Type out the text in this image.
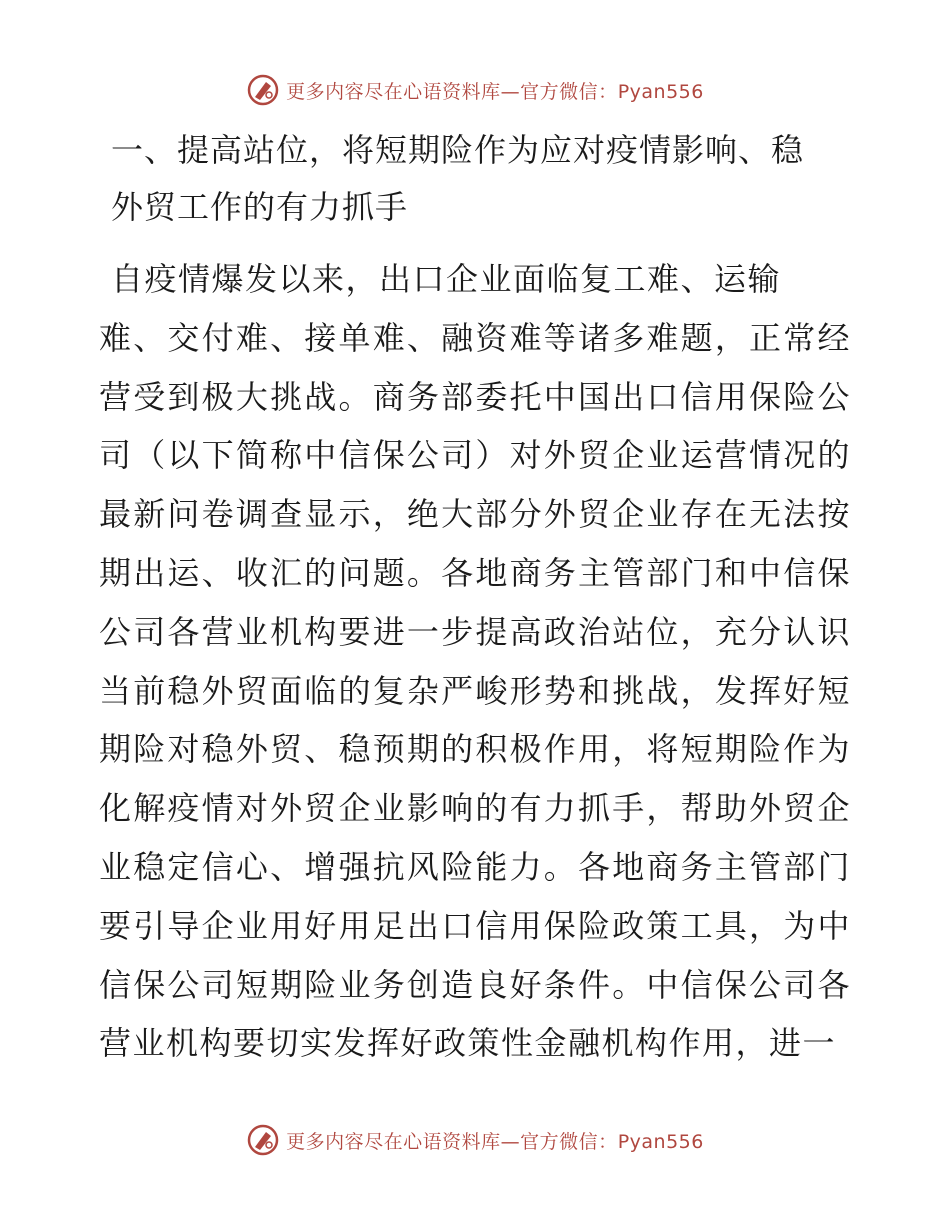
更多内容尽在心语资料库—官方微信：Pyan556
一、提高站位，将短期险作为应对疫情影响、稳
外贸工作的有力抓手

自疫情爆发以来，出口企业面临复工难、运输
难、交付难、接单难、融资难等诸多难题，正常经营受到极大挑战。商务部委托中国出口信用保险公司（以下简称中信保公司）对外贸企业运营情况的最新问卷调查显示，绝大部分外贸企业存在无法按期出运、收汇的问题。各地商务主管部门和中信保公司各营业机构要进一步提高政治站位，充分认识当前稳外贸面临的复杂严峻形势和挑战，发挥好短期险对稳外贸、稳预期的积极作用，将短期险作为化解疫情对外贸企业影响的有力抓手，帮助外贸企业稳定信心、增强抗风险能力。各地商务主管部门要引导企业用好用足出口信用保险政策工具，为中信保公司短期险业务创造良好条件。中信保公司各营业机构要切实发挥好政策性金融机构作用，进一

更多内容尽在心语资料库—官方微信：Pyan556
